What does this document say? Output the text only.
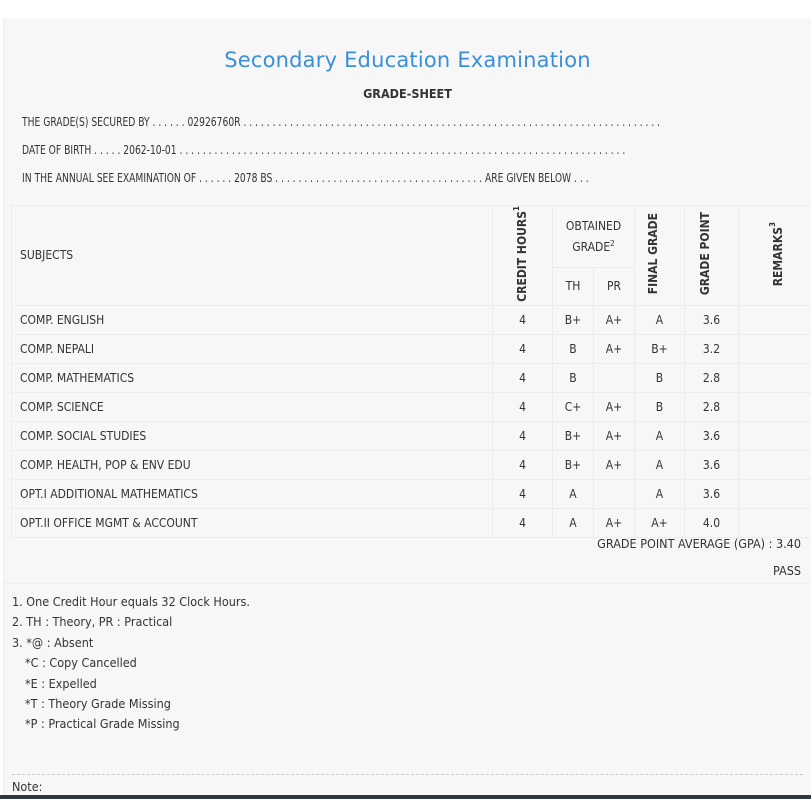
Secondary Education Examination
GRADE-SHEET
THE GRADE(S) SECURED BY . . . . . . 02926760R . . . . . . . . . . . . . . . . . . . . . . . . . . . . . . . . . . . . . . . . . . . . . . . . . . . . . . . . . . . . . . . . . . . . . . . .
DATE OF BIRTH . . . . . 2062-10-01 . . . . . . . . . . . . . . . . . . . . . . . . . . . . . . . . . . . . . . . . . . . . . . . . . . . . . . . . . . . . . . . . . . . . . . . . . . . . .
IN THE ANNUAL SEE EXAMINATION OF . . . . . . 2078 BS . . . . . . . . . . . . . . . . . . . . . . . . . . . . . . . . . . . . ARE GIVEN BELOW . . .
SUBJECTS	CREDIT HOURS$^1$	OBTAINED GRADE$^2$		FINAL GRADE	GRADE POINT	REMARKS$^3$
		TH	PR			
COMP. ENGLISH	4	B+	A+	A	3.6	
COMP. NEPALI	4	B	A+	B+	3.2	
COMP. MATHEMATICS	4	B		B	2.8	
COMP. SCIENCE	4	C+	A+	B	2.8	
COMP. SOCIAL STUDIES	4	B+	A+	A	3.6	
COMP. HEALTH, POP & ENV EDU	4	B+	A+	A	3.6	
OPT.I ADDITIONAL MATHEMATICS	4	A		A	3.6	
OPT.II OFFICE MGMT & ACCOUNT	4	A	A+	A+	4.0	
GRADE POINT AVERAGE (GPA) : 3.40
PASS
1. One Credit Hour equals 32 Clock Hours.
2. TH : Theory, PR : Practical
3. *@ : Absent
*C : Copy Cancelled
*E : Expelled
*T : Theory Grade Missing
*P : Practical Grade Missing
Note:
